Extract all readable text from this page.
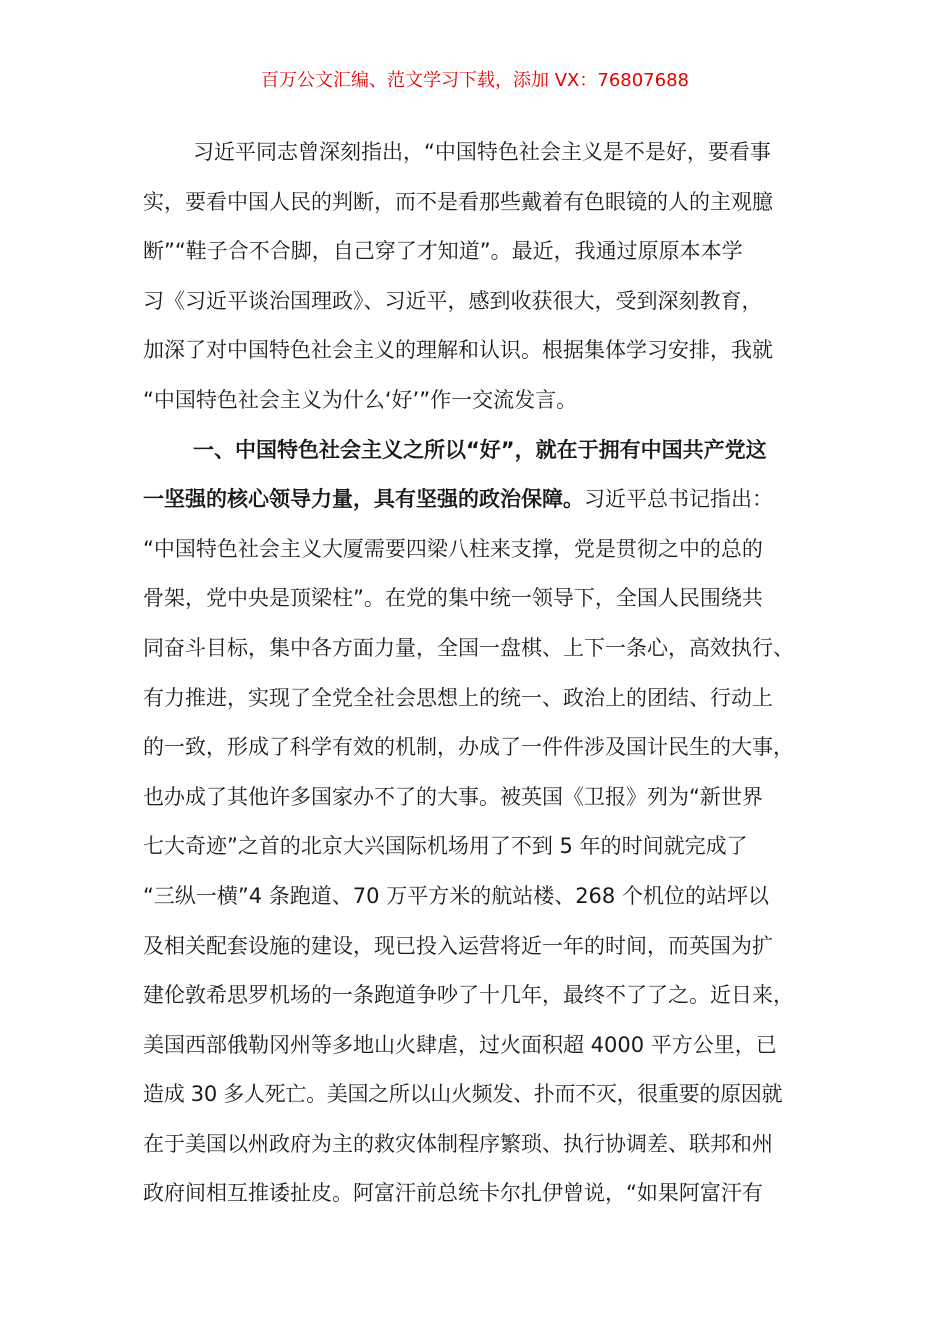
百万公文汇编、范文学习下载，添加 VX：76807688
习近平同志曾深刻指出，“中国特色社会主义是不是好，要看事
实，要看中国人民的判断，而不是看那些戴着有色眼镜的人的主观臆
断”“鞋子合不合脚，自己穿了才知道”。最近，我通过原原本本学
习《习近平谈治国理政》、习近平，感到收获很大，受到深刻教育，
加深了对中国特色社会主义的理解和认识。根据集体学习安排，我就
“中国特色社会主义为什么‘好’”作一交流发言。
一、中国特色社会主义之所以“好”，就在于拥有中国共产党这
一坚强的核心领导力量，具有坚强的政治保障。习近平总书记指出：
“中国特色社会主义大厦需要四梁八柱来支撑，党是贯彻之中的总的
骨架，党中央是顶梁柱”。在党的集中统一领导下，全国人民围绕共
同奋斗目标，集中各方面力量，全国一盘棋、上下一条心，高效执行、
有力推进，实现了全党全社会思想上的统一、政治上的团结、行动上
的一致，形成了科学有效的机制，办成了一件件涉及国计民生的大事，
也办成了其他许多国家办不了的大事。被英国《卫报》列为“新世界
七大奇迹”之首的北京大兴国际机场用了不到 5 年的时间就完成了
“三纵一横”4 条跑道、70 万平方米的航站楼、268 个机位的站坪以
及相关配套设施的建设，现已投入运营将近一年的时间，而英国为扩
建伦敦希思罗机场的一条跑道争吵了十几年，最终不了了之。近日来，
美国西部俄勒冈州等多地山火肆虐，过火面积超 4000 平方公里，已
造成 30 多人死亡。美国之所以山火频发、扑而不灭，很重要的原因就
在于美国以州政府为主的救灾体制程序繁琐、执行协调差、联邦和州
政府间相互推诿扯皮。阿富汗前总统卡尔扎伊曾说，“如果阿富汗有
